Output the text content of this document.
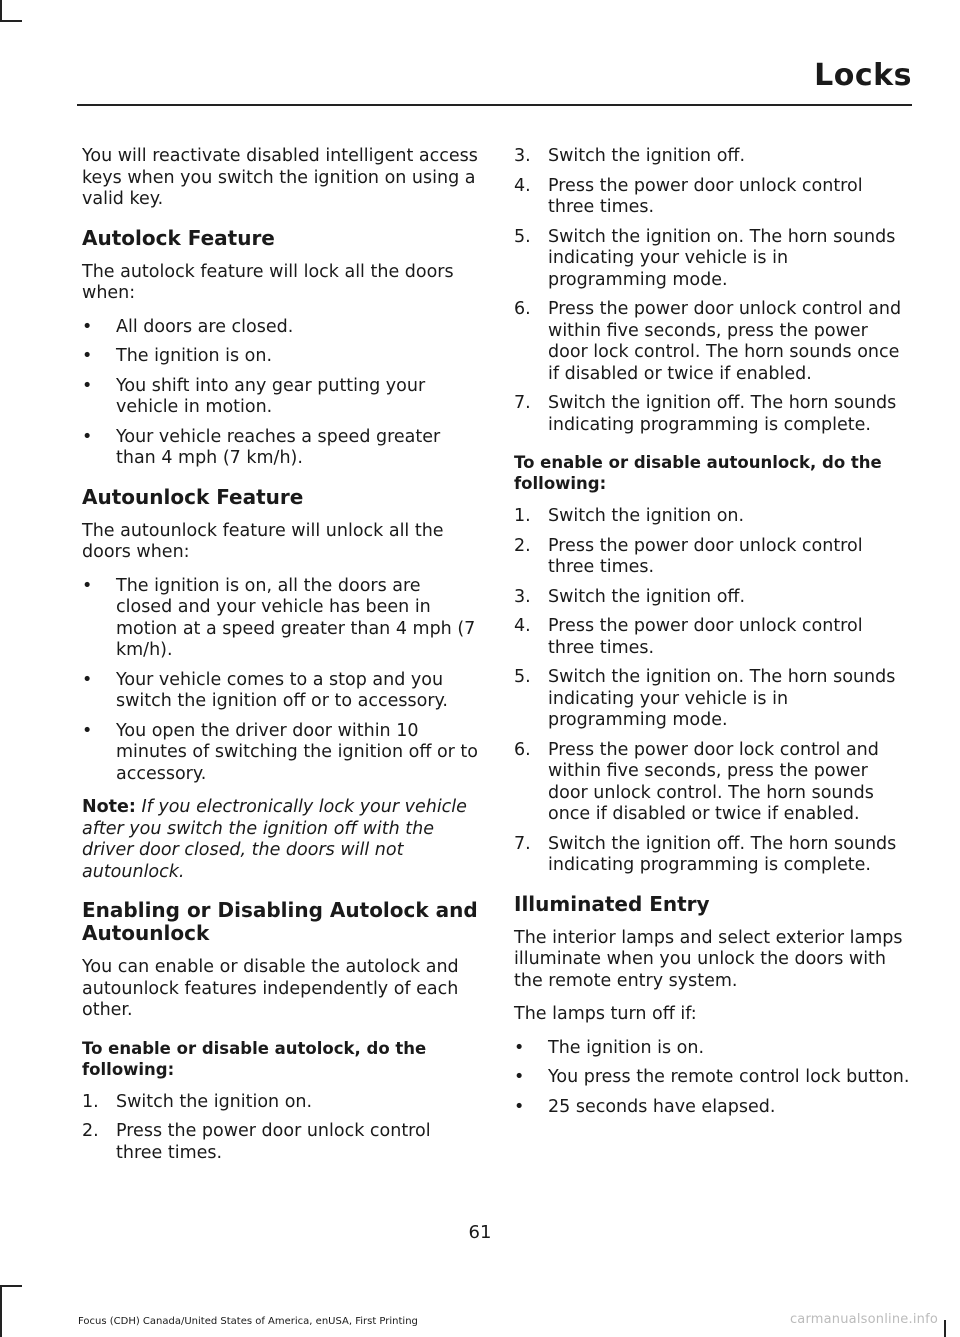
Locks

You will reactivate disabled intelligent access keys when you switch the ignition on using a valid key.

Autolock Feature

The autolock feature will lock all the doors when:

• All doors are closed.
• The ignition is on.
• You shift into any gear putting your vehicle in motion.
• Your vehicle reaches a speed greater than 4 mph (7 km/h).
Autounlock Feature

The autounlock feature will unlock all the doors when:

• The ignition is on, all the doors are closed and your vehicle has been in motion at a speed greater than 4 mph (7 km/h).
• Your vehicle comes to a stop and you switch the ignition off or to accessory.
• You open the driver door within 10 minutes of switching the ignition off or to accessory.

Note: If you electronically lock your vehicle after you switch the ignition off with the driver door closed, the doors will not autounlock.

Enabling or Disabling Autolock and Autounlock

You can enable or disable the autolock and autounlock features independently of each other.

To enable or disable autolock, do the following:
1. Switch the ignition on.
2. Press the power door unlock control three times.
3. Switch the ignition off.
4. Press the power door unlock control three times.
5. Switch the ignition on. The horn sounds indicating your vehicle is in programming mode.
6. Press the power door unlock control and within five seconds, press the power door lock control. The horn sounds once if disabled or twice if enabled.
7. Switch the ignition off. The horn sounds indicating programming is complete.
To enable or disable autounlock, do the following:
1. Switch the ignition on.
2. Press the power door unlock control three times.
3. Switch the ignition off.
4. Press the power door unlock control three times.
5. Switch the ignition on. The horn sounds indicating your vehicle is in programming mode.
6. Press the power door lock control and within five seconds, press the power door unlock control. The horn sounds once if disabled or twice if enabled.
7. Switch the ignition off. The horn sounds indicating programming is complete.
Illuminated Entry

The interior lamps and select exterior lamps illuminate when you unlock the doors with the remote entry system.

The lamps turn off if:

• The ignition is on.
• You press the remote control lock button.
• 25 seconds have elapsed.
61
Focus (CDH) Canada/United States of America, enUSA, First Printing	carmanualsonline.info
